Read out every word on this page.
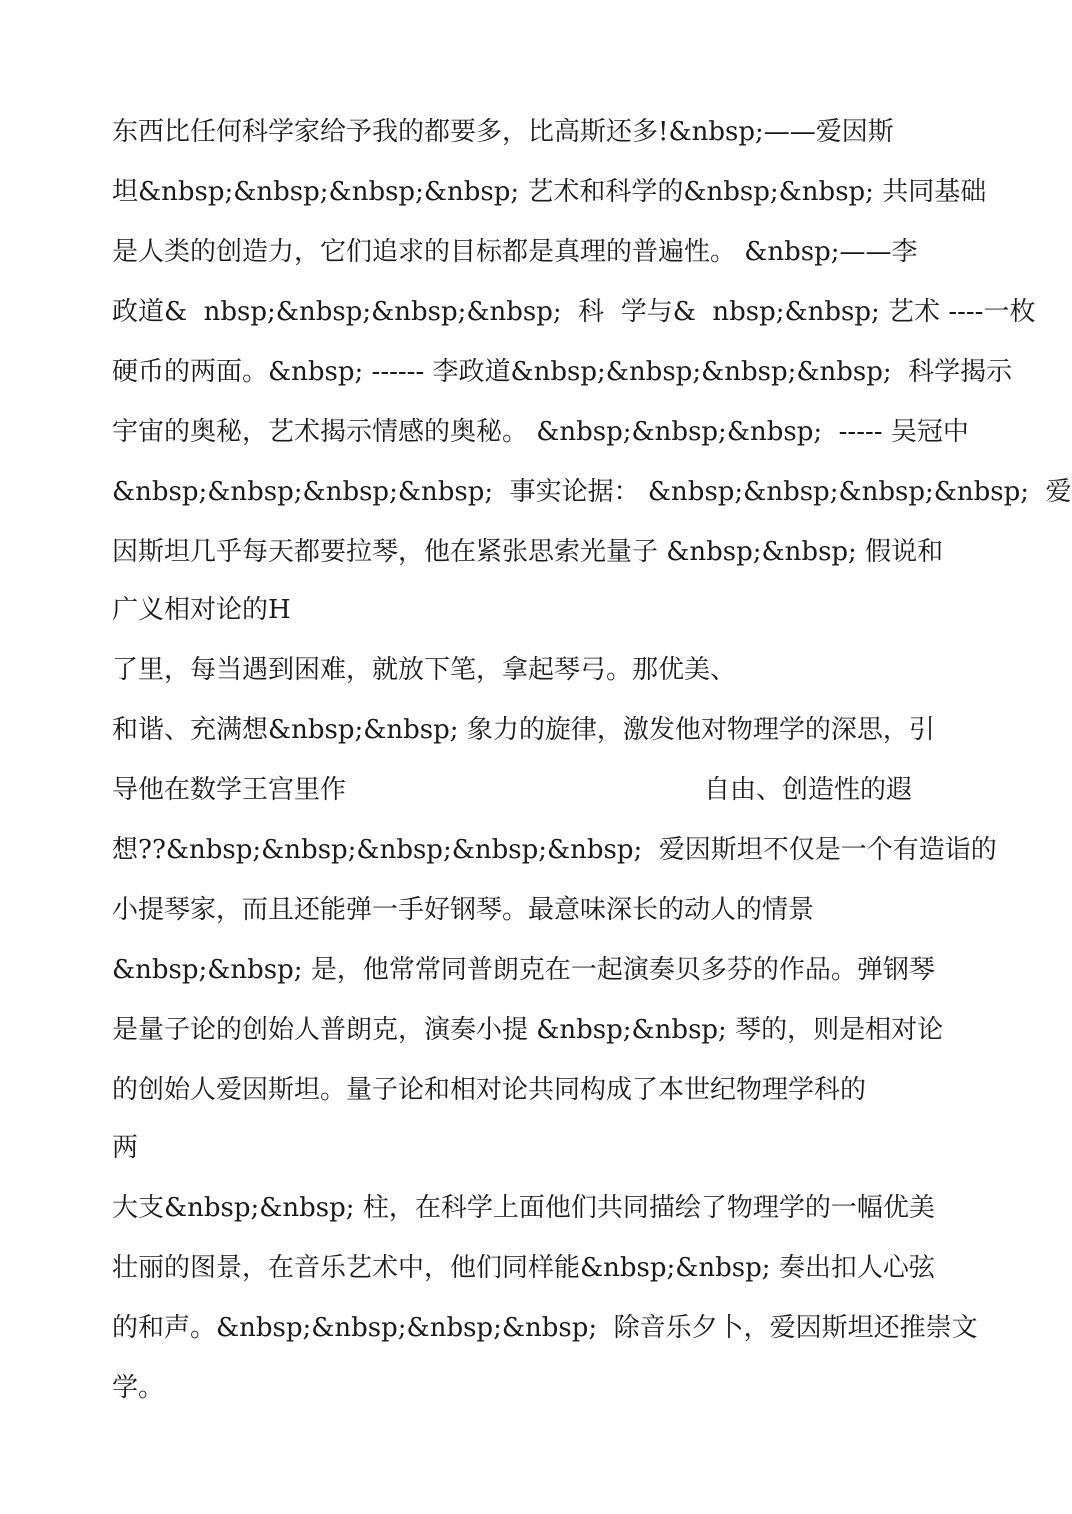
东西比任何科学家给予我的都要多，比高斯还多!&nbsp;——爱因斯
坦&nbsp;&nbsp;&nbsp;&nbsp; 艺术和科学的&nbsp;&nbsp; 共 同基础
是人类的创造力，它们追求的目标都是真理的普遍性。 &nbsp;——李
政道&  nbsp;&nbsp;&nbsp;&nbsp;  科  学与&  nbsp;&nbsp; 艺术 ----一枚
硬币的两面。&nbsp; ------ 李政道&nbsp;&nbsp;&nbsp;&nbsp;  科学揭示
宇宙的奥秘，艺术揭示情感的奥秘。 &nbsp;&nbsp;&nbsp;  ----- 吴冠中
&nbsp;&nbsp;&nbsp;&nbsp;  事实论据： &nbsp;&nbsp;&nbsp;&nbsp;  爱
因斯坦几乎每天都要拉琴，他在紧张思索光量子 &nbsp;&nbsp; 假说和
广义相对论的H
了里，每当遇到困难，就放下笔，拿起琴弓。那优美、
和谐、充满想&nbsp;&nbsp; 象力的旋律，激发他对物理学的深思，引
导他在数学王宫里作	自由、创造性的遐
想??&nbsp;&nbsp;&nbsp;&nbsp;&nbsp;  爱因斯坦不仅是一个有造诣的
小提琴家，而且还能弹一手好钢琴。最意味深长的动人的情景
&nbsp;&nbsp; 是，他常常同普朗克在一起演奏贝多芬的作品。弹钢琴
是量子论的创始人普朗克，演奏小提 &nbsp;&nbsp; 琴的，则是相对论
的创始人爱因斯坦。量子论和相对论共同构成了本世纪物理学科的
两
大支&nbsp;&nbsp; 柱，在科学上面他们共同描绘了物理学的一幅优美
壮丽的图景，在音乐艺术中，他们同样能&nbsp;&nbsp; 奏出扣人心弦
的和声。&nbsp;&nbsp;&nbsp;&nbsp;  除音乐夕卜，爱因斯坦还推崇文
学。
